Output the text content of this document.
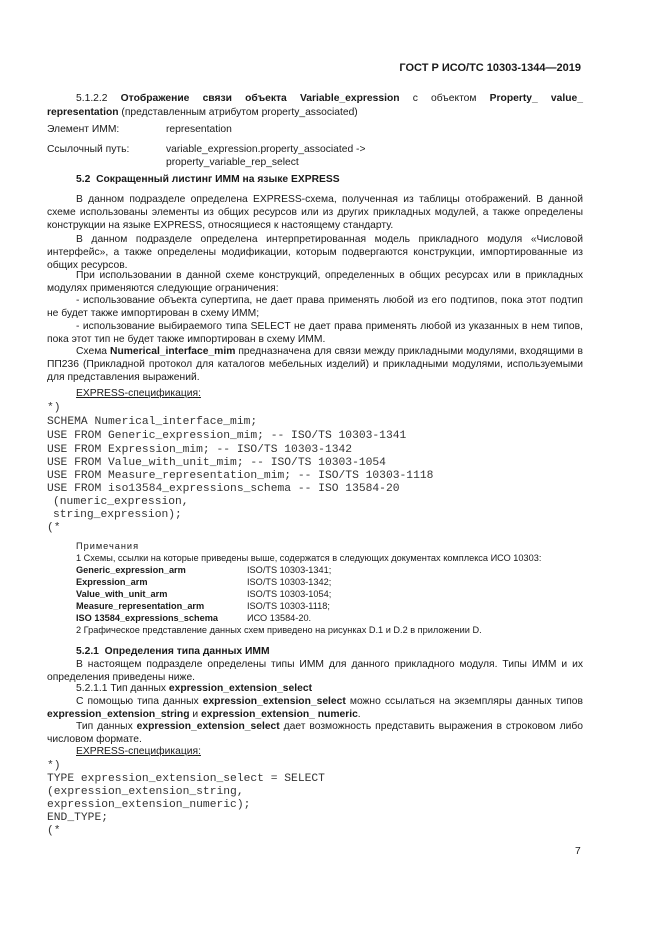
ГОСТ Р ИСО/ТС 10303-1344—2019
5.1.2.2 Отображение связи объекта Variable_expression с объектом Property_ value_
representation (представленным атрибутом property_associated)
Элемент ИММ:	representation
Ссылочный путь:	variable_expression.property_associated ->
property_variable_rep_select
5.2 Сокращенный листинг ИММ на языке EXPRESS
В данном подразделе определена EXPRESS-схема, полученная из таблицы отображений. В данной схеме использованы элементы из общих ресурсов или из других прикладных модулей, а также определены конструкции на языке EXPRESS, относящиеся к настоящему стандарту.
В данном подразделе определена интерпретированная модель прикладного модуля «Числовой интерфейс», а также определены модификации, которым подвергаются конструкции, импортированные из общих ресурсов.
При использовании в данной схеме конструкций, определенных в общих ресурсах или в прикладных модулях применяются следующие ограничения:
- использование объекта супертипа, не дает права применять любой из его подтипов, пока этот подтип не будет также импортирован в схему ИММ;
- использование выбираемого типа SELECT не дает права применять любой из указанных в нем типов, пока этот тип не будет также импортирован в схему ИММ.
Схема Numerical_interface_mim предназначена для связи между прикладными модулями, входящими в ПП236 (Прикладной протокол для каталогов мебельных изделий) и прикладными модулями, используемыми для представления выражений.
EXPRESS-спецификация:
*)
SCHEMA Numerical_interface_mim;
USE FROM Generic_expression_mim; -- ISO/TS 10303-1341
USE FROM Expression_mim; -- ISO/TS 10303-1342
USE FROM Value_with_unit_mim; -- ISO/TS 10303-1054
USE FROM Measure_representation_mim; -- ISO/TS 10303-1118
USE FROM iso13584_expressions_schema -- ISO 13584-20
(numeric_expression,
string_expression);
(*
Примечания
1 Схемы, ссылки на которые приведены выше, содержатся в следующих документах комплекса ИСО 10303:
Generic_expression_arm	ISO/TS 10303-1341;
Expression_arm	ISO/TS 10303-1342;
Value_with_unit_arm	ISO/TS 10303-1054;
Measure_representation_arm	ISO/TS 10303-1118;
ISO 13584_expressions_schema	ИСО 13584-20.
2 Графическое представление данных схем приведено на рисунках D.1 и D.2 в приложении D.
5.2.1 Определения типа данных ИММ
В настоящем подразделе определены типы ИММ для данного прикладного модуля. Типы ИММ и их определения приведены ниже.
5.2.1.1 Тип данных expression_extension_select
С помощью типа данных expression_extension_select можно ссылаться на экземпляры данных типов expression_extension_string и expression_extension_ numeric.
Тип данных expression_extension_select дает возможность представить выражения в строковом либо числовом формате.
EXPRESS-спецификация:
*)
TYPE expression_extension_select = SELECT
(expression_extension_string,
expression_extension_numeric);
END_TYPE;
(*
7
